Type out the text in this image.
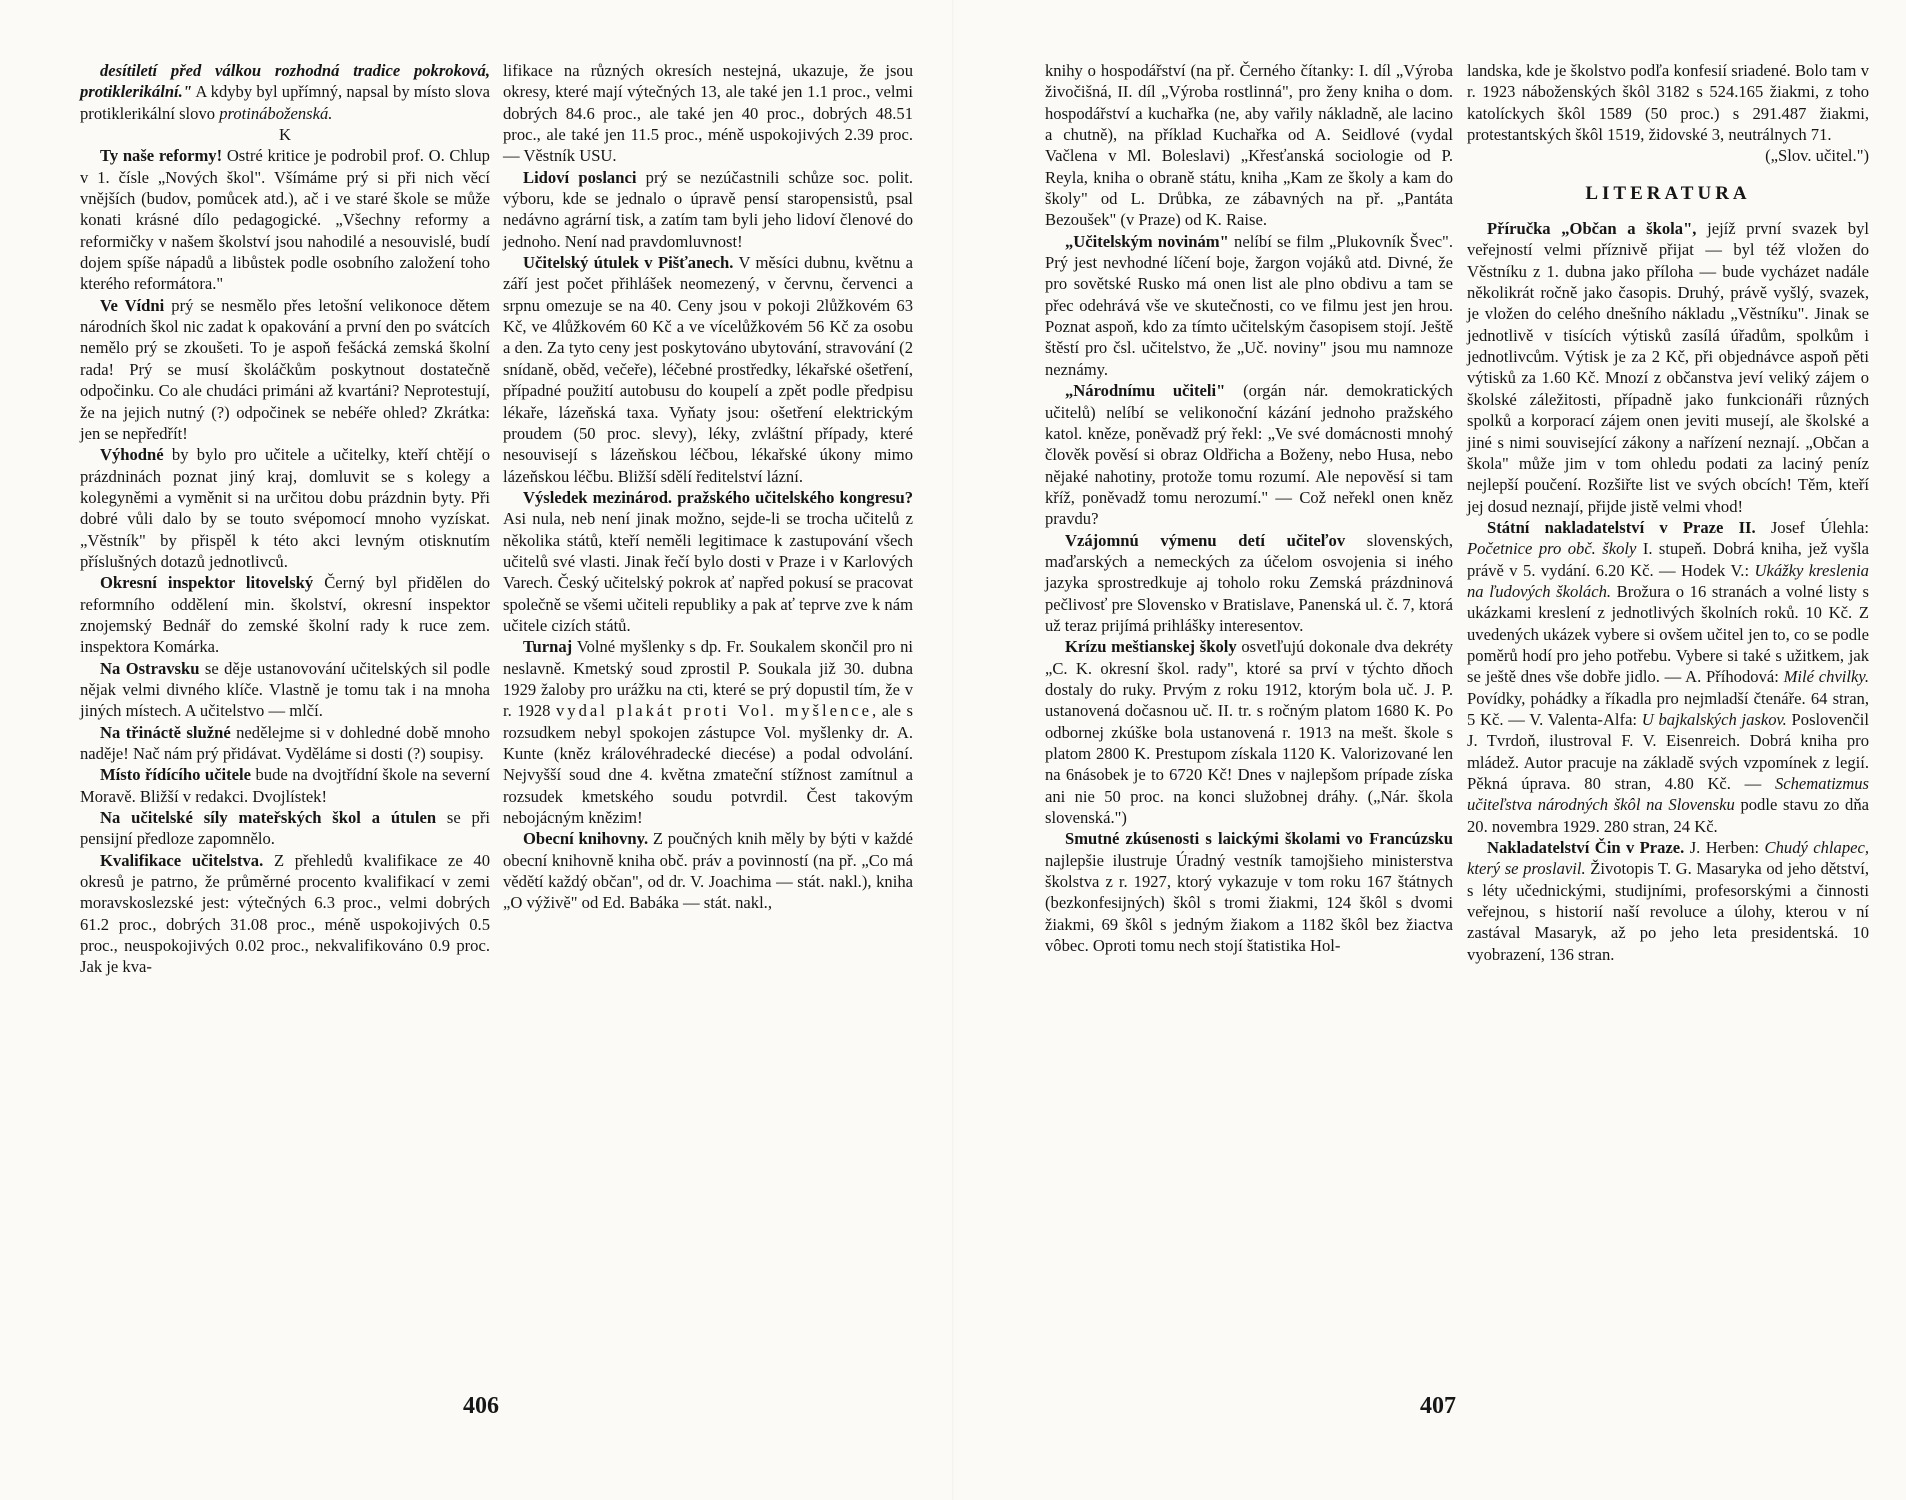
desítiletí před válkou rozhodná tradice pokroková, protiklerikální." A kdyby byl upřímný, napsal by místo slova protiklerikální slovo protináboženská.

K

Ty naše reformy! Ostré kritice je podrobil prof. O. Chlup v 1. čísle „Nových škol". Všímáme prý si při nich věcí vnějších (budov, pomůcek atd.), ač i ve staré škole se může konati krásné dílo pedagogické. „Všechny reformy a reformičky v našem školství jsou nahodilé a nesouvislé, budí dojem spíše nápadů a libůstek podle osobního založení toho kterého reformátora."

Ve Vídni prý se nesmělo přes letošní velikonoce dětem národních škol nic zadat k opakování a první den po svátcích nemělo prý se zkoušeti. To je aspoň fešácká zemská školní rada! Prý se musí školáčkům poskytnout dostatečně odpočinku. Co ale chudáci primáni až kvartáni? Neprotestují, že na jejich nutný (?) odpočinek se nebéře ohled? Zkrátka: jen se nepředřít!

Výhodné by bylo pro učitele a učitelky, kteří chtějí o prázdninách poznat jiný kraj, domluvit se s kolegy a kolegyněmi a vyměnit si na určitou dobu prázdnin byty. Při dobré vůli dalo by se touto svépomocí mnoho vyzískat. „Věstník" by přispěl k této akci levným otisknutím příslušných dotazů jednotlivců.

Okresní inspektor litovelský Černý byl přidělen do reformního oddělení min. školství, okresní inspektor znojemský Bednář do zemské školní rady k ruce zem. inspektora Komárka.

Na Ostravsku se děje ustanovování učitelských sil podle nějak velmi divného klíče. Vlastně je tomu tak i na mnoha jiných místech. A učitelstvo — mlčí.

Na třináctě služné nedělejme si v dohledné době mnoho naděje! Nač nám prý přidávat. Vyděláme si dosti (?) soupisy.

Místo řídícího učitele bude na dvojtřídní škole na severní Moravě. Bližší v redakci. Dvojlístek!

Na učitelské síly mateřských škol a útulen se při pensijní předloze zapomnělo.

Kvalifikace učitelstva. Z přehledů kvalifikace ze 40 okresů je patrno, že průměrné procento kvalifikací v zemi moravskoslezské jest: výtečných 6.3 proc., velmi dobrých 61.2 proc., dobrých 31.08 proc., méně uspokojivých 0.5 proc., neuspokojivých 0.02 proc., nekvalifikováno 0.9 proc. Jak je kva-

lifikace na různých okresích nestejná, ukazuje, že jsou okresy, které mají výtečných 13, ale také jen 1.1 proc., velmi dobrých 84.6 proc., ale také jen 40 proc., dobrých 48.51 proc., ale také jen 11.5 proc., méně uspokojivých 2.39 proc. — Věstník USU.

Lidoví poslanci prý se nezúčastnili schůze soc. polit. výboru, kde se jednalo o úpravě pensí staropensistů, psal nedávno agrární tisk, a zatím tam byli jeho lidoví členové do jednoho. Není nad pravdomluvnost!

Učitelský útulek v Pišťanech. V měsíci dubnu, květnu a září jest počet přihlášek neomezený, v červnu, červenci a srpnu omezuje se na 40. Ceny jsou v pokoji 2lůžkovém 63 Kč, ve 4lůžkovém 60 Kč a ve vícelůžkovém 56 Kč za osobu a den. Za tyto ceny jest poskytováno ubytování, stravování (2 snídaně, oběd, večeře), léčebné prostředky, lékařské ošetření, případné použití autobusu do koupelí a zpět podle předpisu lékaře, lázeňská taxa. Vyňaty jsou: ošetření elektrickým proudem (50 proc. slevy), léky, zvláštní případy, které nesouvisejí s lázeňskou léčbou, lékařské úkony mimo lázeňskou léčbu. Bližší sdělí ředitelství lázní.

Výsledek mezinárod. pražského učitelského kongresu? Asi nula, neb není jinak možno, sejde-li se trocha učitelů z několika států, kteří neměli legitimace k zastupování všech učitelů své vlasti. Jinak řečí bylo dosti v Praze i v Karlových Varech. Český učitelský pokrok ať napřed pokusí se pracovat společně se všemi učiteli republiky a pak ať teprve zve k nám učitele cizích států.

Turnaj Volné myšlenky s dp. Fr. Soukalem skončil pro ni neslavně. Kmetský soud zprostil P. Soukala již 30. dubna 1929 žaloby pro urážku na cti, které se prý dopustil tím, že v r. 1928 vydal plakát proti Vol. myšlence, ale s rozsudkem nebyl spokojen zástupce Vol. myšlenky dr. A. Kunte (kněz královéhradecké diecése) a podal odvolání. Nejvyšší soud dne 4. května zmateční stížnost zamítnul a rozsudek kmetského soudu potvrdil. Čest takovým nebojácným knězim!

Obecní knihovny. Z poučných knih měly by býti v každé obecní knihovně kniha obč. práv a povinností (na př. „Co má vědětí každý občan", od dr. V. Joachima — stát. nakl.), kniha „O výživě" od Ed. Babáka — stát. nakl.,

knihy o hospodářství (na př. Černého čítanky: I. díl „Výroba živočišná, II. díl „Výroba rostlinná", pro ženy kniha o dom. hospodářství a kuchařka (ne, aby vařily nákladně, ale lacino a chutně), na příklad Kuchařka od A. Seidlové (vydal Vačlena v Ml. Boleslavi) „Křesťanská sociologie od P. Reyla, kniha o obraně státu, kniha „Kam ze školy a kam do školy" od L. Drůbka, ze zábavných na př. „Pantáta Bezoušek" (v Praze) od K. Raise.

„Učitelským novinám" nelíbí se film „Plukovník Švec". Prý jest nevhodné líčení boje, žargon vojáků atd. Divné, že pro sovětské Rusko má onen list ale plno obdivu a tam se přec odehrává vše ve skutečnosti, co ve filmu jest jen hrou. Poznat aspoň, kdo za tímto učitelským časopisem stojí. Ještě štěstí pro čsl. učitelstvo, že „Uč. noviny" jsou mu namnoze neznámy.

„Národnímu učiteli" (orgán nár. demokratických učitelů) nelíbí se velikonoční kázání jednoho pražského katol. kněze, poněvadž prý řekl: „Ve své domácnosti mnohý člověk pověsí si obraz Oldřicha a Boženy, nebo Husa, nebo nějaké nahotiny, protože tomu rozumí. Ale nepověsí si tam kříž, poněvadž tomu nerozumí." — Což neřekl onen kněz pravdu?

Vzájomnú výmenu detí učiteľov slovenských, maďarských a nemeckých za účelom osvojenia si iného jazyka sprostredkuje aj toholo roku Zemská prázdninová pečlivosť pre Slovensko v Bratislave, Panenská ul. č. 7, ktorá už teraz prijímá prihlášky interesentov.

Krízu meštianskej školy osvetľujú dokonale dva dekréty „C. K. okresní škol. rady", ktoré sa prví v týchto dňoch dostaly do ruky. Prvým z roku 1912, ktorým bola uč. J. P. ustanovená dočasnou uč. II. tr. s ročným platom 1680 K. Po odbornej zkúške bola ustanovená r. 1913 na mešt. škole s platom 2800 K. Prestupom získala 1120 K. Valorizované len na 6násobek je to 6720 Kč! Dnes v najlepšom prípade získa ani nie 50 proc. na konci služobnej dráhy. („Nár. škola slovenská.")

Smutné zkúsenosti s laickými školami vo Francúzsku najlepšie ilustruje Úradný vestník tamojšieho ministerstva školstva z r. 1927, ktorý vykazuje v tom roku 167 štátnych (bezkonfesijných) škôl s tromi žiakmi, 124 škôl s dvomi žiakmi, 69 škôl s jedným žiakom a 1182 škôl bez žiactva vôbec. Oproti tomu nech stojí štatistika Hol-

landska, kde je školstvo podľa konfesií sriadené. Bolo tam v r. 1923 náboženských škôl 3182 s 524.165 žiakmi, z toho katolíckych škôl 1589 (50 proc.) s 291.487 žiakmi, protestantských škôl 1519, židovské 3, neutrálnych 71.

(„Slov. učitel.")

LITERATURA

Příručka „Občan a škola", jejíž první svazek byl veřejností velmi příznivě přijat — byl též vložen do Věstníku z 1. dubna jako příloha — bude vycházet nadále několikrát ročně jako časopis. Druhý, právě vyšlý, svazek, je vložen do celého dnešního nákladu „Věstníku". Jinak se jednotlivě v tisících výtisků zasílá úřadům, spolkům i jednotlivcům. Výtisk je za 2 Kč, při objednávce aspoň pěti výtisků za 1.60 Kč. Mnozí z občanstva jeví veliký zájem o školské záležitosti, případně jako funkcionáři různých spolků a korporací zájem onen jeviti musejí, ale školské a jiné s nimi související zákony a nařízení neznají. „Občan a škola" může jim v tom ohledu podati za laciný peníz nejlepší poučení. Rozšiřte list ve svých obcích! Těm, kteří jej dosud neznají, přijde jistě velmi vhod!

Státní nakladatelství v Praze II. Josef Úlehla: Početnice pro obč. školy I. stupeň. Dobrá kniha, jež vyšla právě v 5. vydání. 6.20 Kč. — Hodek V.: Ukážky kreslenia na ľudových školách. Brožura o 16 stranách a volné listy s ukázkami kreslení z jednotlivých školních roků. 10 Kč. Z uvedených ukázek vybere si ovšem učitel jen to, co se podle poměrů hodí pro jeho potřebu. Vybere si také s užitkem, jak se ještě dnes vše dobře jidlo. — A. Příhodová: Milé chvilky. Povídky, pohádky a říkadla pro nejmladší čtenáře. 64 stran, 5 Kč. — V. Valenta-Alfa: U bajkalských jaskov. Poslovenčil J. Tvrdoň, ilustroval F. V. Eisenreich. Dobrá kniha pro mládež. Autor pracuje na základě svých vzpomínek z legií. Pěkná úprava. 80 stran, 4.80 Kč. — Schematizmus učiteľstva národných škôl na Slovensku podle stavu zo dňa 20. novembra 1929. 280 stran, 24 Kč.

Nakladatelství Čin v Praze. J. Herben: Chudý chlapec, který se proslavil. Životopis T. G. Masaryka od jeho dětství, s léty učednickými, studijními, profesorskými a činnosti veřejnou, s historií naší revoluce a úlohy, kterou v ní zastával Masaryk, až po jeho leta presidentská. 10 vyobrazení, 136 stran.

406	407
